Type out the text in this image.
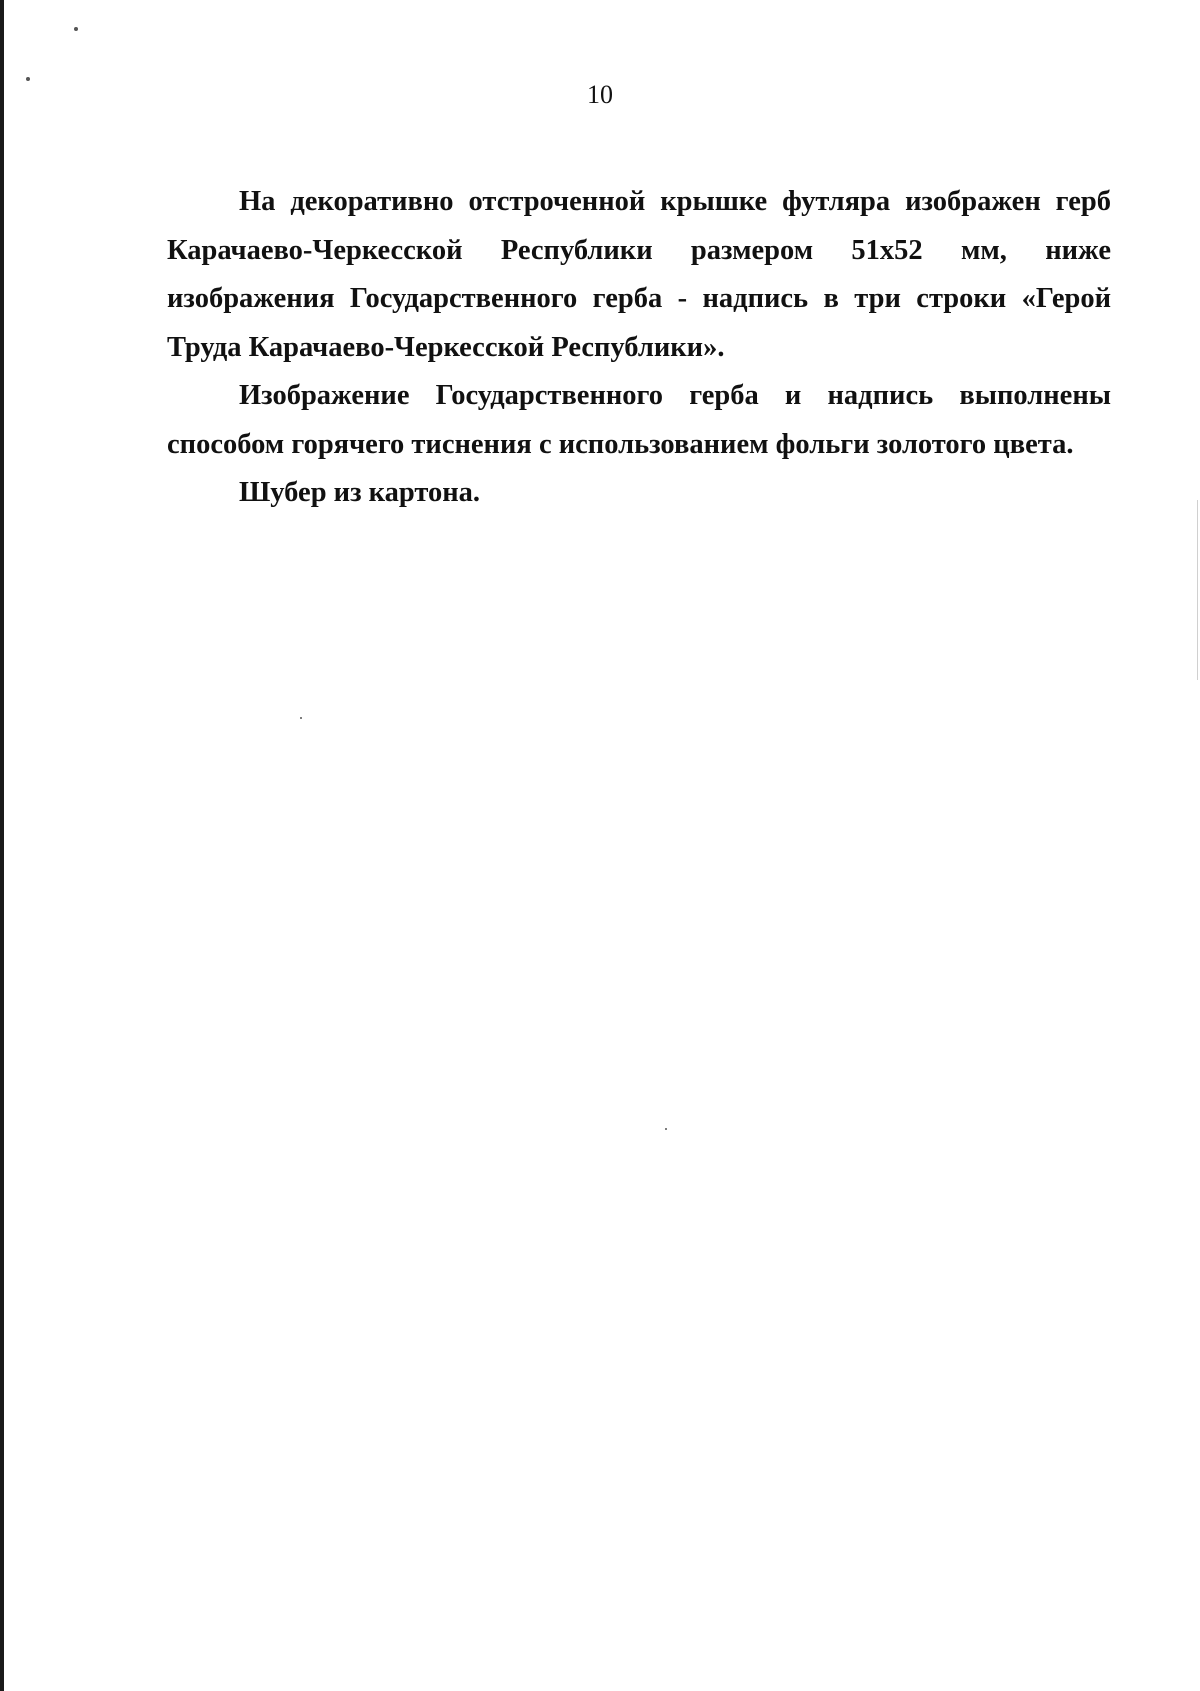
10

На декоративно отстроченной крышке футляра изображен герб Карачаево-Черкесской Республики размером 51х52 мм, ниже изображения Государственного герба - надпись в три строки «Герой Труда Карачаево-Черкесской Республики».

Изображение Государственного герба и надпись выполнены способом горячего тиснения с использованием фольги золотого цвета.

Шубер из картона.
